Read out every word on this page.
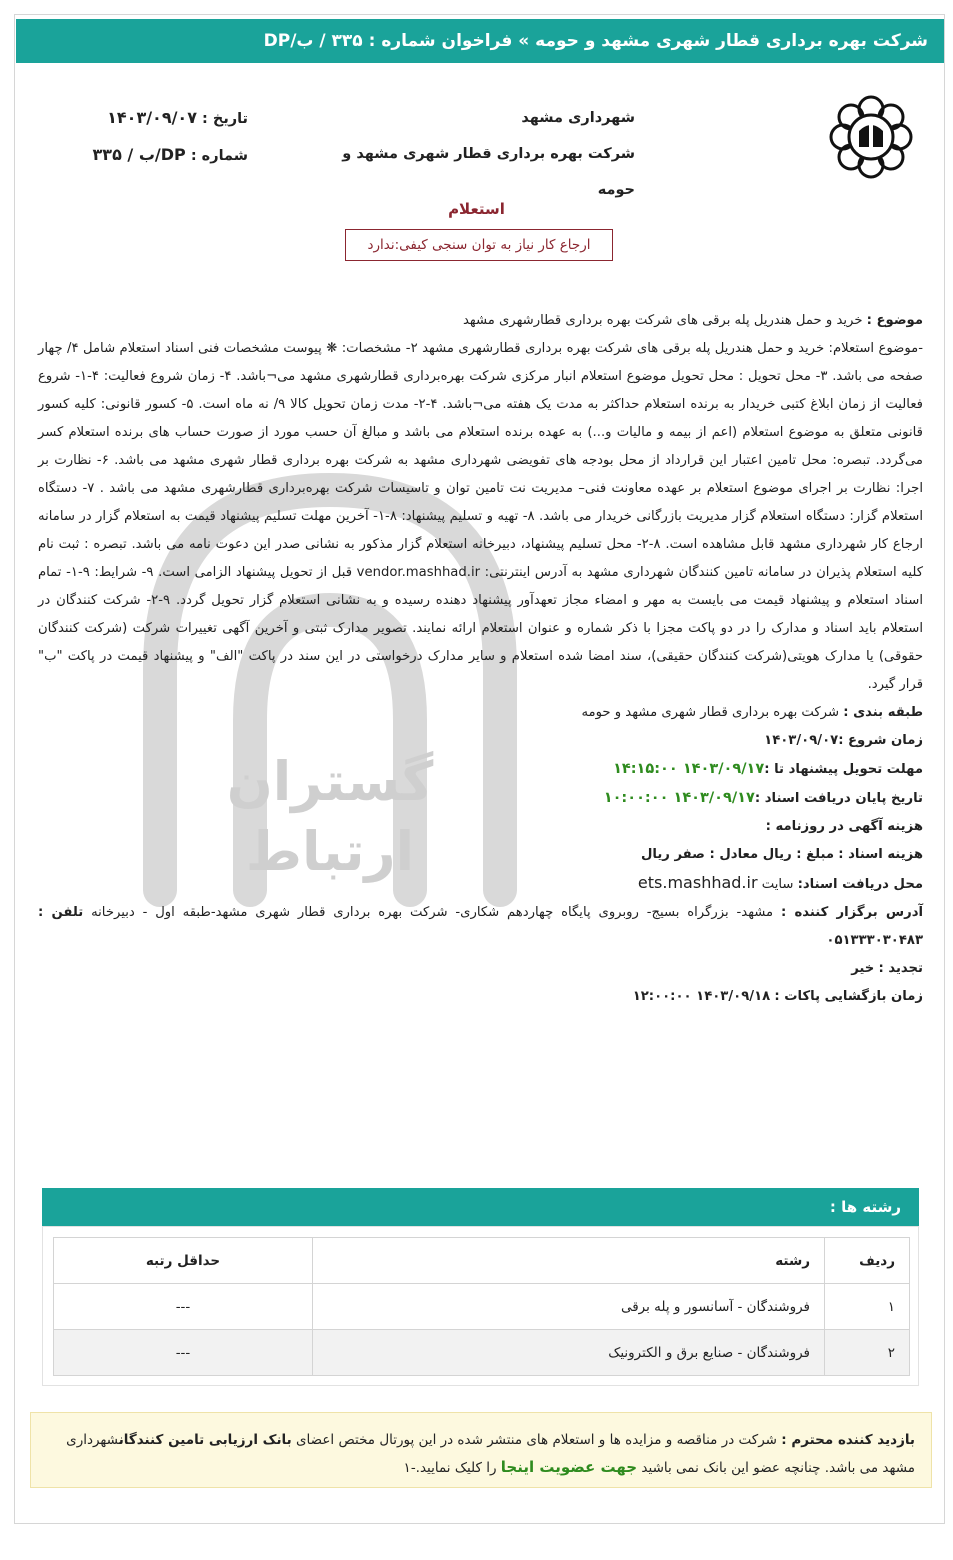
شرکت بهره برداری قطار شهری مشهد و حومه » فراخوان شماره : ۳۳۵ / ب/DP
شهرداری مشهد
شرکت بهره برداری قطار شهری مشهد و حومه
تاریخ : ۱۴۰۳/۰۹/۰۷
شماره : ۳۳۵ / ب/DP
استعلام
ارجاع کار نیاز به توان سنجی کیفی:ندارد
گستران
ارتباط

موضوع : خرید و حمل هندریل پله برقی های شرکت بهره برداری قطارشهری مشهد

-موضوع استعلام: خرید و حمل هندریل پله برقی های شرکت بهره برداری قطارشهری مشهد ۲- مشخصات: ❋ پیوست مشخصات فنی اسناد استعلام شامل ۴/ چهار صفحه می باشد. ۳- محل تحویل : محل تحویل موضوع استعلام انبار مرکزی شرکت بهره‌برداری قطارشهری مشهد می¬باشد. ۴- زمان شروع فعالیت: ۴-۱- شروع فعالیت از زمان ابلاغ کتبی خریدار به برنده استعلام حداکثر به مدت یک هفته می¬باشد. ۴-۲- مدت زمان تحویل کالا ۹/ نه ماه است. ۵- کسور قانونی: کلیه کسور قانونی متعلق به موضوع استعلام (اعم از بیمه و مالیات و...) به عهده برنده استعلام می باشد و مبالغ آن حسب مورد از صورت حساب های برنده استعلام کسر می‌گردد. تبصره: محل تامین اعتبار این قرارداد از محل بودجه های تفویضی شهرداری مشهد به شرکت بهره برداری قطار شهری مشهد می باشد. ۶- نظارت بر اجرا: نظارت بر اجرای موضوع استعلام بر عهده معاونت فنی– مدیریت نت تامین توان و تاسیسات شرکت بهره‌برداری قطارشهری مشهد می باشد . ۷- دستگاه استعلام گزار: دستگاه استعلام گزار مدیریت بازرگانی خریدار می باشد. ۸- تهیه و تسلیم پیشنهاد: ۸-۱- آخرین مهلت تسلیم پیشنهاد قیمت به استعلام گزار در سامانه ارجاع کار شهرداری مشهد قابل مشاهده است. ۸-۲- محل تسلیم پیشنهاد، دبیرخانه استعلام گزار مذکور به نشانی صدر این دعوت نامه می باشد. تبصره : ثبت نام کلیه استعلام پذیران در سامانه تامین کنندگان شهرداری مشهد به آدرس اینترنتی: vendor.mashhad.ir قبل از تحویل پیشنهاد الزامی است. ۹- شرایط: ۹-۱- تمام اسناد استعلام و پیشنهاد قیمت می بایست به مهر و امضاء مجاز تعهدآور پیشنهاد دهنده رسیده و به نشانی استعلام گزار تحویل گردد. ۹-۲- شرکت کنندگان در استعلام باید اسناد و مدارک را در دو پاکت مجزا با ذکر شماره و عنوان استعلام ارائه نمایند. تصویر مدارک ثبتی و آخرین آگهی تغییرات شرکت (شرکت کنندگان حقوقی) یا مدارک هویتی(شرکت کنندگان حقیقی)، سند امضا شده استعلام و سایر مدارک درخواستی در این سند در پاکت "الف" و پیشنهاد قیمت در پاکت "ب" قرار گیرد.

طبقه بندی : شرکت بهره برداری قطار شهری مشهد و حومه

زمان شروع :۱۴۰۳/۰۹/۰۷

مهلت تحویل پیشنهاد تا :۱۴۰۳/۰۹/۱۷ ۱۴:۱۵:۰۰

تاریخ پایان دریافت اسناد :۱۴۰۳/۰۹/۱۷ ۱۰:۰۰:۰۰

هزینه آگهی در روزنامه :

هزینه اسناد : مبلغ : ریال معادل : صفر ریال

محل دریافت اسناد: سایت ets.mashhad.ir

آدرس برگزار کننده : مشهد- بزرگراه بسیج- روبروی پایگاه چهاردهم شکاری- شرکت بهره برداری قطار شهری مشهد-طبقه اول - دبیرخانه تلفن : ۰۵۱۳۳۳۰۳۰۴۸۳

تجدید : خیر

زمان بازگشایی پاکات : ۱۴۰۳/۰۹/۱۸ ۱۲:۰۰:۰۰

رشته ها :
ردیف	رشته	حداقل رتبه
۱	فروشندگان - آسانسور و پله برقی	---
۲	فروشندگان - صنایع برق و الکترونیک	---
بازدید کننده محترم : شرکت در مناقصه و مزایده ها و استعلام های منتشر شده در این پورتال مختص اعضای بانک ارزیابی تامین کنندگانشهرداری مشهد می باشد. چنانچه عضو این بانک نمی باشید جهت عضویت اینجا را کلیک نمایید.-۱
